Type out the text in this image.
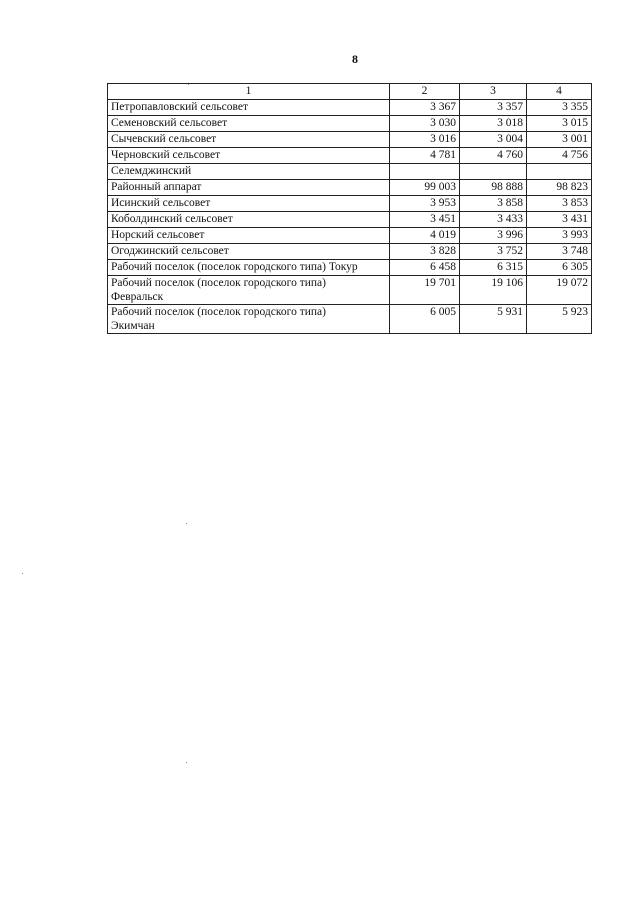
8
1	2	3	4
Петропавловский сельсовет	3 367	3 357	3 355
Семеновский сельсовет	3 030	3 018	3 015
Сычевский сельсовет	3 016	3 004	3 001
Черновский сельсовет	4 781	4 760	4 756
Селемджинский			
Районный аппарат	99 003	98 888	98 823
Исинский сельсовет	3 953	3 858	3 853
Коболдинский сельсовет	3 451	3 433	3 431
Норский сельсовет	4 019	3 996	3 993
Огоджинский сельсовет	3 828	3 752	3 748
Рабочий поселок (поселок городского типа) Токур	6 458	6 315	6 305
Рабочий поселок (поселок городского типа)
Февральск	19 701	19 106	19 072
Рабочий поселок (поселок городского типа)
Экимчан	6 005	5 931	5 923
